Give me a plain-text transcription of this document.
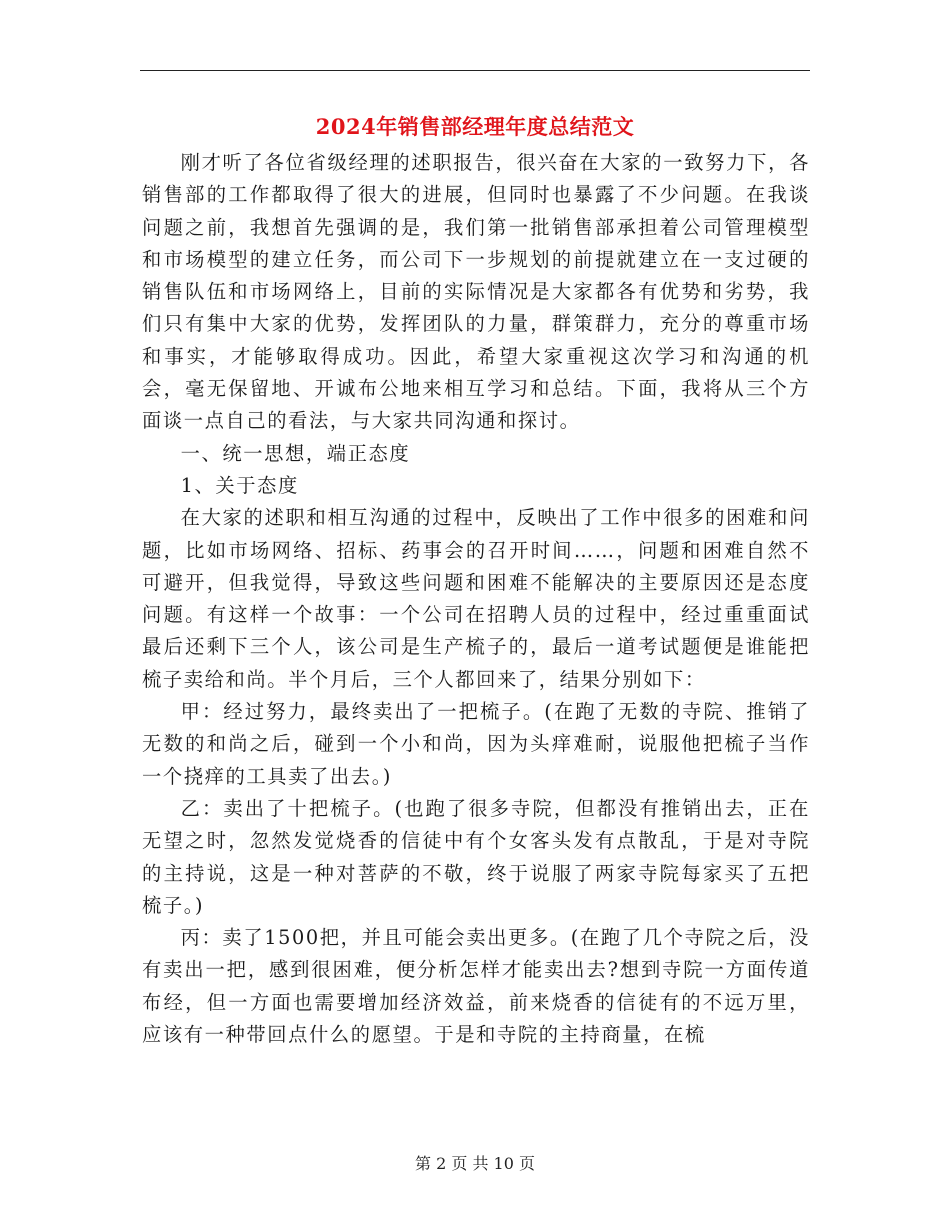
2024年销售部经理年度总结范文

刚才听了各位省级经理的述职报告，很兴奋在大家的一致努力下，各销售部的工作都取得了很大的进展，但同时也暴露了不少问题。在我谈问题之前，我想首先强调的是，我们第一批销售部承担着公司管理模型和市场模型的建立任务，而公司下一步规划的前提就建立在一支过硬的销售队伍和市场网络上，目前的实际情况是大家都各有优势和劣势，我们只有集中大家的优势，发挥团队的力量，群策群力，充分的尊重市场和事实，才能够取得成功。因此，希望大家重视这次学习和沟通的机会，毫无保留地、开诚布公地来相互学习和总结。下面，我将从三个方面谈一点自己的看法，与大家共同沟通和探讨。

一、统一思想，端正态度

1、关于态度

在大家的述职和相互沟通的过程中，反映出了工作中很多的困难和问题，比如市场网络、招标、药事会的召开时间……，问题和困难自然不可避开，但我觉得，导致这些问题和困难不能解决的主要原因还是态度问题。有这样一个故事：一个公司在招聘人员的过程中，经过重重面试最后还剩下三个人，该公司是生产梳子的，最后一道考试题便是谁能把梳子卖给和尚。半个月后，三个人都回来了，结果分别如下：

甲：经过努力，最终卖出了一把梳子。(在跑了无数的寺院、推销了无数的和尚之后，碰到一个小和尚，因为头痒难耐，说服他把梳子当作一个挠痒的工具卖了出去。)

乙：卖出了十把梳子。(也跑了很多寺院，但都没有推销出去，正在无望之时，忽然发觉烧香的信徒中有个女客头发有点散乱，于是对寺院的主持说，这是一种对菩萨的不敬，终于说服了两家寺院每家买了五把梳子。)

丙：卖了1500把，并且可能会卖出更多。(在跑了几个寺院之后，没有卖出一把，感到很困难，便分析怎样才能卖出去?想到寺院一方面传道布经，但一方面也需要增加经济效益，前来烧香的信徒有的不远万里，应该有一种带回点什么的愿望。于是和寺院的主持商量，在梳

第 2 页 共 10 页
